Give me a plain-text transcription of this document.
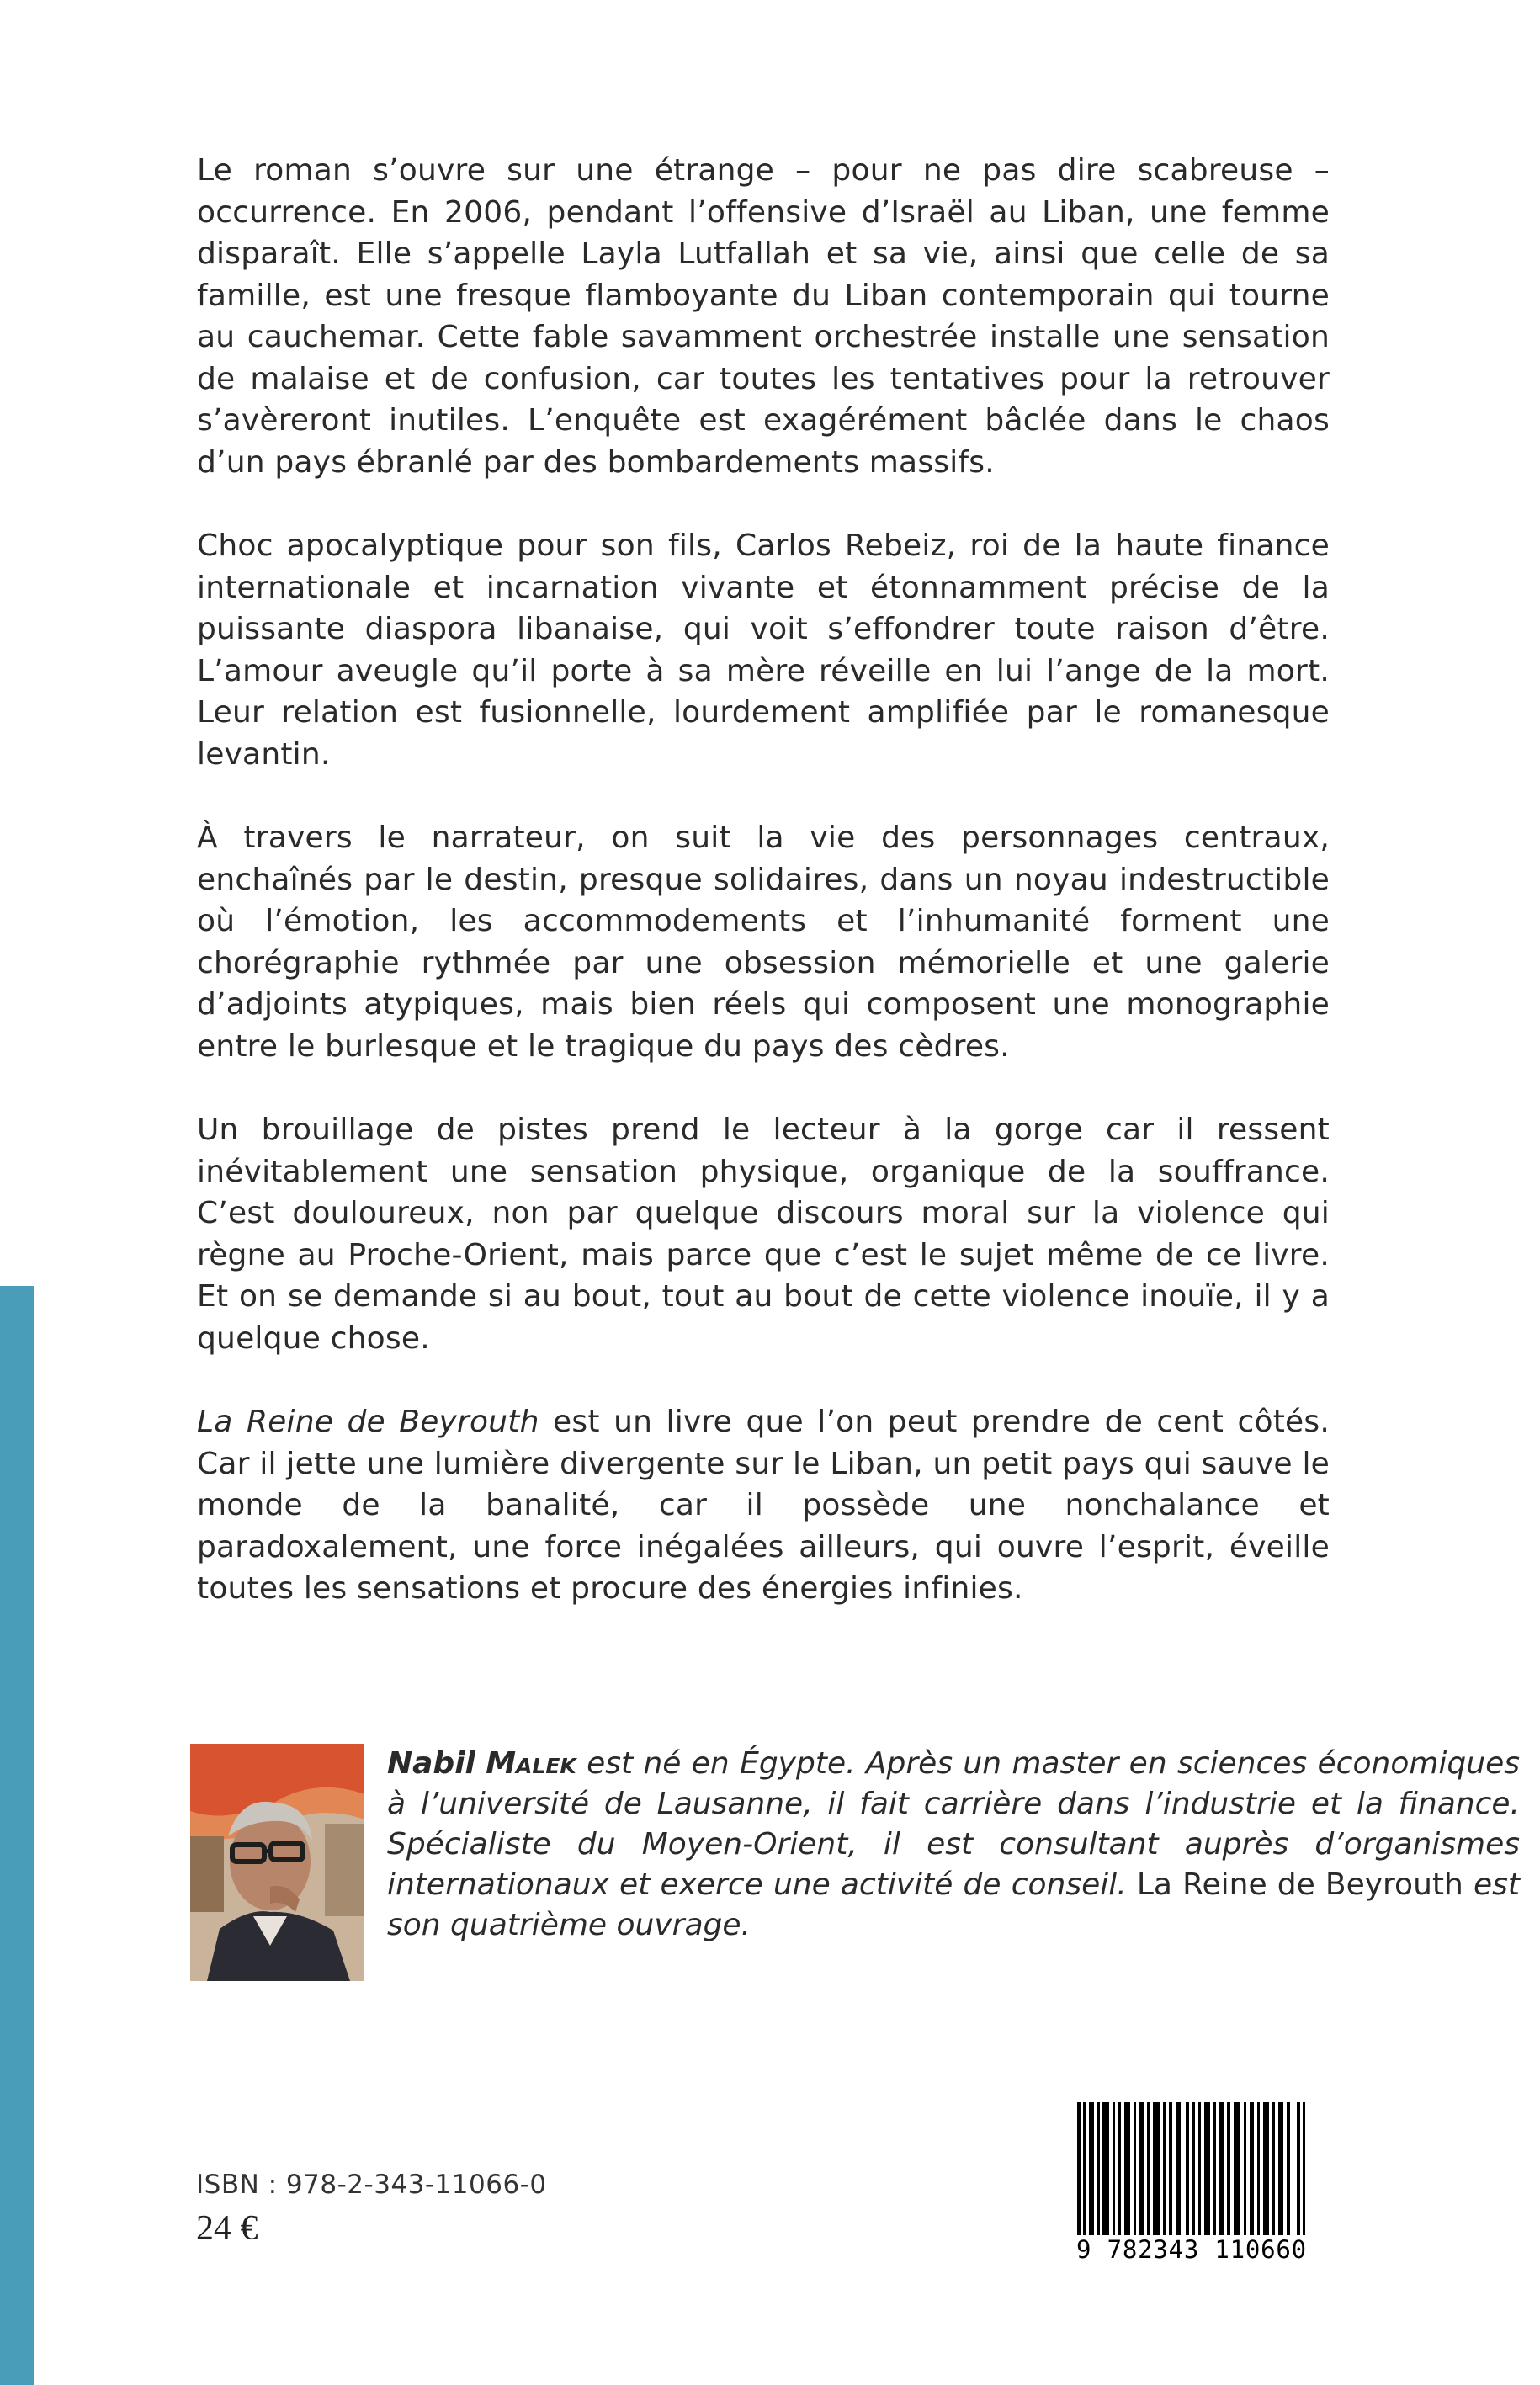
Le roman s’ouvre sur une étrange – pour ne pas dire scabreuse – occurrence. En 2006, pendant l’offensive d’Israël au Liban, une femme disparaît. Elle s’appelle Layla Lutfallah et sa vie, ainsi que celle de sa famille, est une fresque flamboyante du Liban contemporain qui tourne au cauchemar. Cette fable savamment orchestrée installe une sensation de malaise et de confusion, car toutes les tentatives pour la retrouver s’avèreront inutiles. L’enquête est exagérément bâclée dans le chaos d’un pays ébranlé par des bombardements massifs.

Choc apocalyptique pour son fils, Carlos Rebeiz, roi de la haute finance internationale et incarnation vivante et étonnamment précise de la puissante diaspora libanaise, qui voit s’effondrer toute raison d’être. L’amour aveugle qu’il porte à sa mère réveille en lui l’ange de la mort. Leur relation est fusionnelle, lourdement amplifiée par le romanesque levantin.

À travers le narrateur, on suit la vie des personnages centraux, enchaînés par le destin, presque solidaires, dans un noyau indestructible où l’émotion, les accommodements et l’inhumanité forment une chorégraphie rythmée par une obsession mémorielle et une galerie d’adjoints atypiques, mais bien réels qui composent une monographie entre le burlesque et le tragique du pays des cèdres.

Un brouillage de pistes prend le lecteur à la gorge car il ressent inévitablement une sensation physique, organique de la souffrance. C’est douloureux, non par quelque discours moral sur la violence qui règne au Proche-Orient, mais parce que c’est le sujet même de ce livre. Et on se demande si au bout, tout au bout de cette violence inouïe, il y a quelque chose.

La Reine de Beyrouth est un livre que l’on peut prendre de cent côtés. Car il jette une lumière divergente sur le Liban, un petit pays qui sauve le monde de la banalité, car il possède une nonchalance et paradoxalement, une force inégalées ailleurs, qui ouvre l’esprit, éveille toutes les sensations et procure des énergies infinies.

Nabil Malek est né en Égypte. Après un master en sciences économiques à l’université de Lausanne, il fait carrière dans l’industrie et la finance. Spécialiste du Moyen-Orient, il est consultant auprès d’organismes internationaux et exerce une activité de conseil. La Reine de Beyrouth est son quatrième ouvrage.

ISBN : 978-2-343-11066-0
24 €
9 782343 110660
